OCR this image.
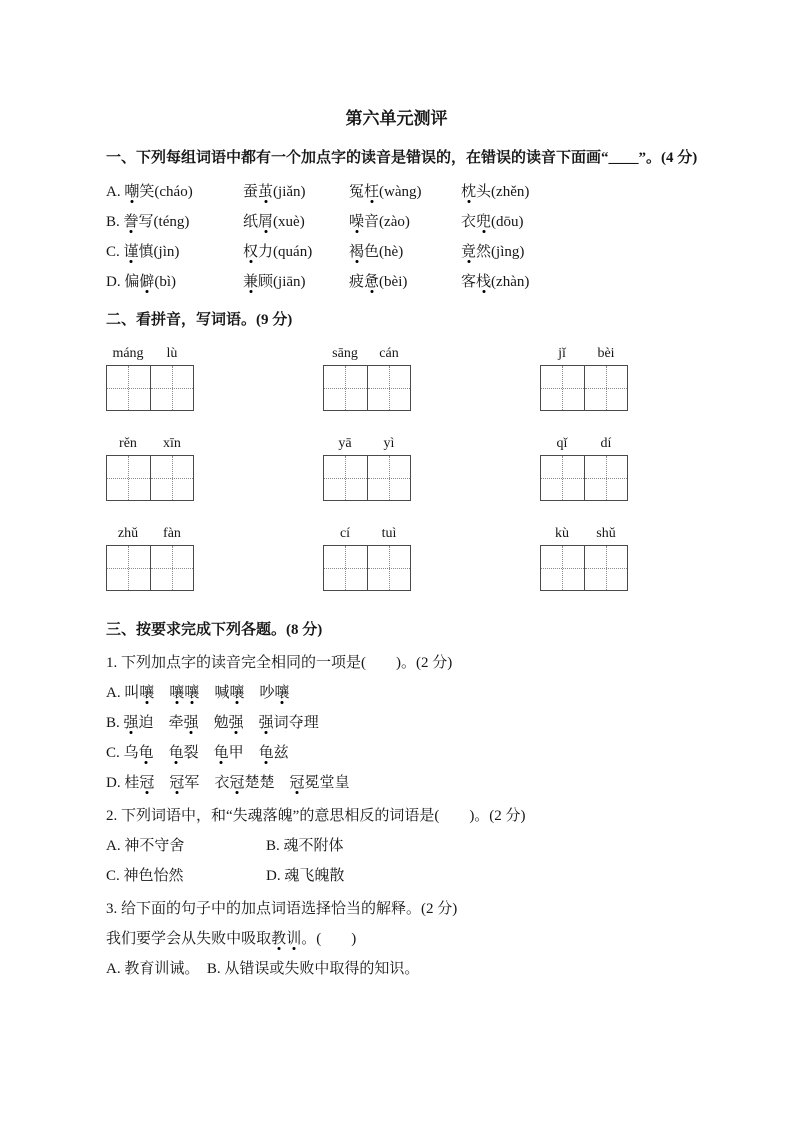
第六单元测评

一、下列每组词语中都有一个加点字的读音是错误的，在错误的读音下面画“____”。(4 分)

A. 嘲笑(cháo)	蚕茧(jiǎn)	冤枉(wàng)	枕头(zhěn)
B. 誊写(téng)	纸屑(xuè)	噪音(zào)	衣兜(dōu)
C. 谨慎(jìn)	权力(quán)	褐色(hè)	竟然(jìng)
D. 偏僻(bì)	兼顾(jiān)	疲惫(bèi)	客栈(zhàn)

二、看拼音，写词语。(9 分)

máng	lù	sāng	cán	jǐ	bèi
rěn	xīn	yā	yì	qǐ	dí
zhǔ	fàn	cí	tuì	kù	shǔ

三、按要求完成下列各题。(8 分)

1. 下列加点字的读音完全相同的一项是(　　)。(2 分)

A. 叫嚷　 嚷嚷　 喊嚷　 吵嚷

B. 强迫　 牵强　 勉强　 强词夺理

C. 乌龟　 龟裂　 龟甲　 龟兹

D. 桂冠　 冠军　 衣冠楚楚　 冠冕堂皇

2. 下列词语中，和“失魂落魄”的意思相反的词语是(　　)。(2 分)

A. 神不守舍	B. 魂不附体
C. 神色怡然	D. 魂飞魄散

3. 给下面的句子中的加点词语选择恰当的解释。(2 分)

我们要学会从失败中吸取教训。(　　 )

A. 教育训诫。　B. 从错误或失败中取得的知识。
